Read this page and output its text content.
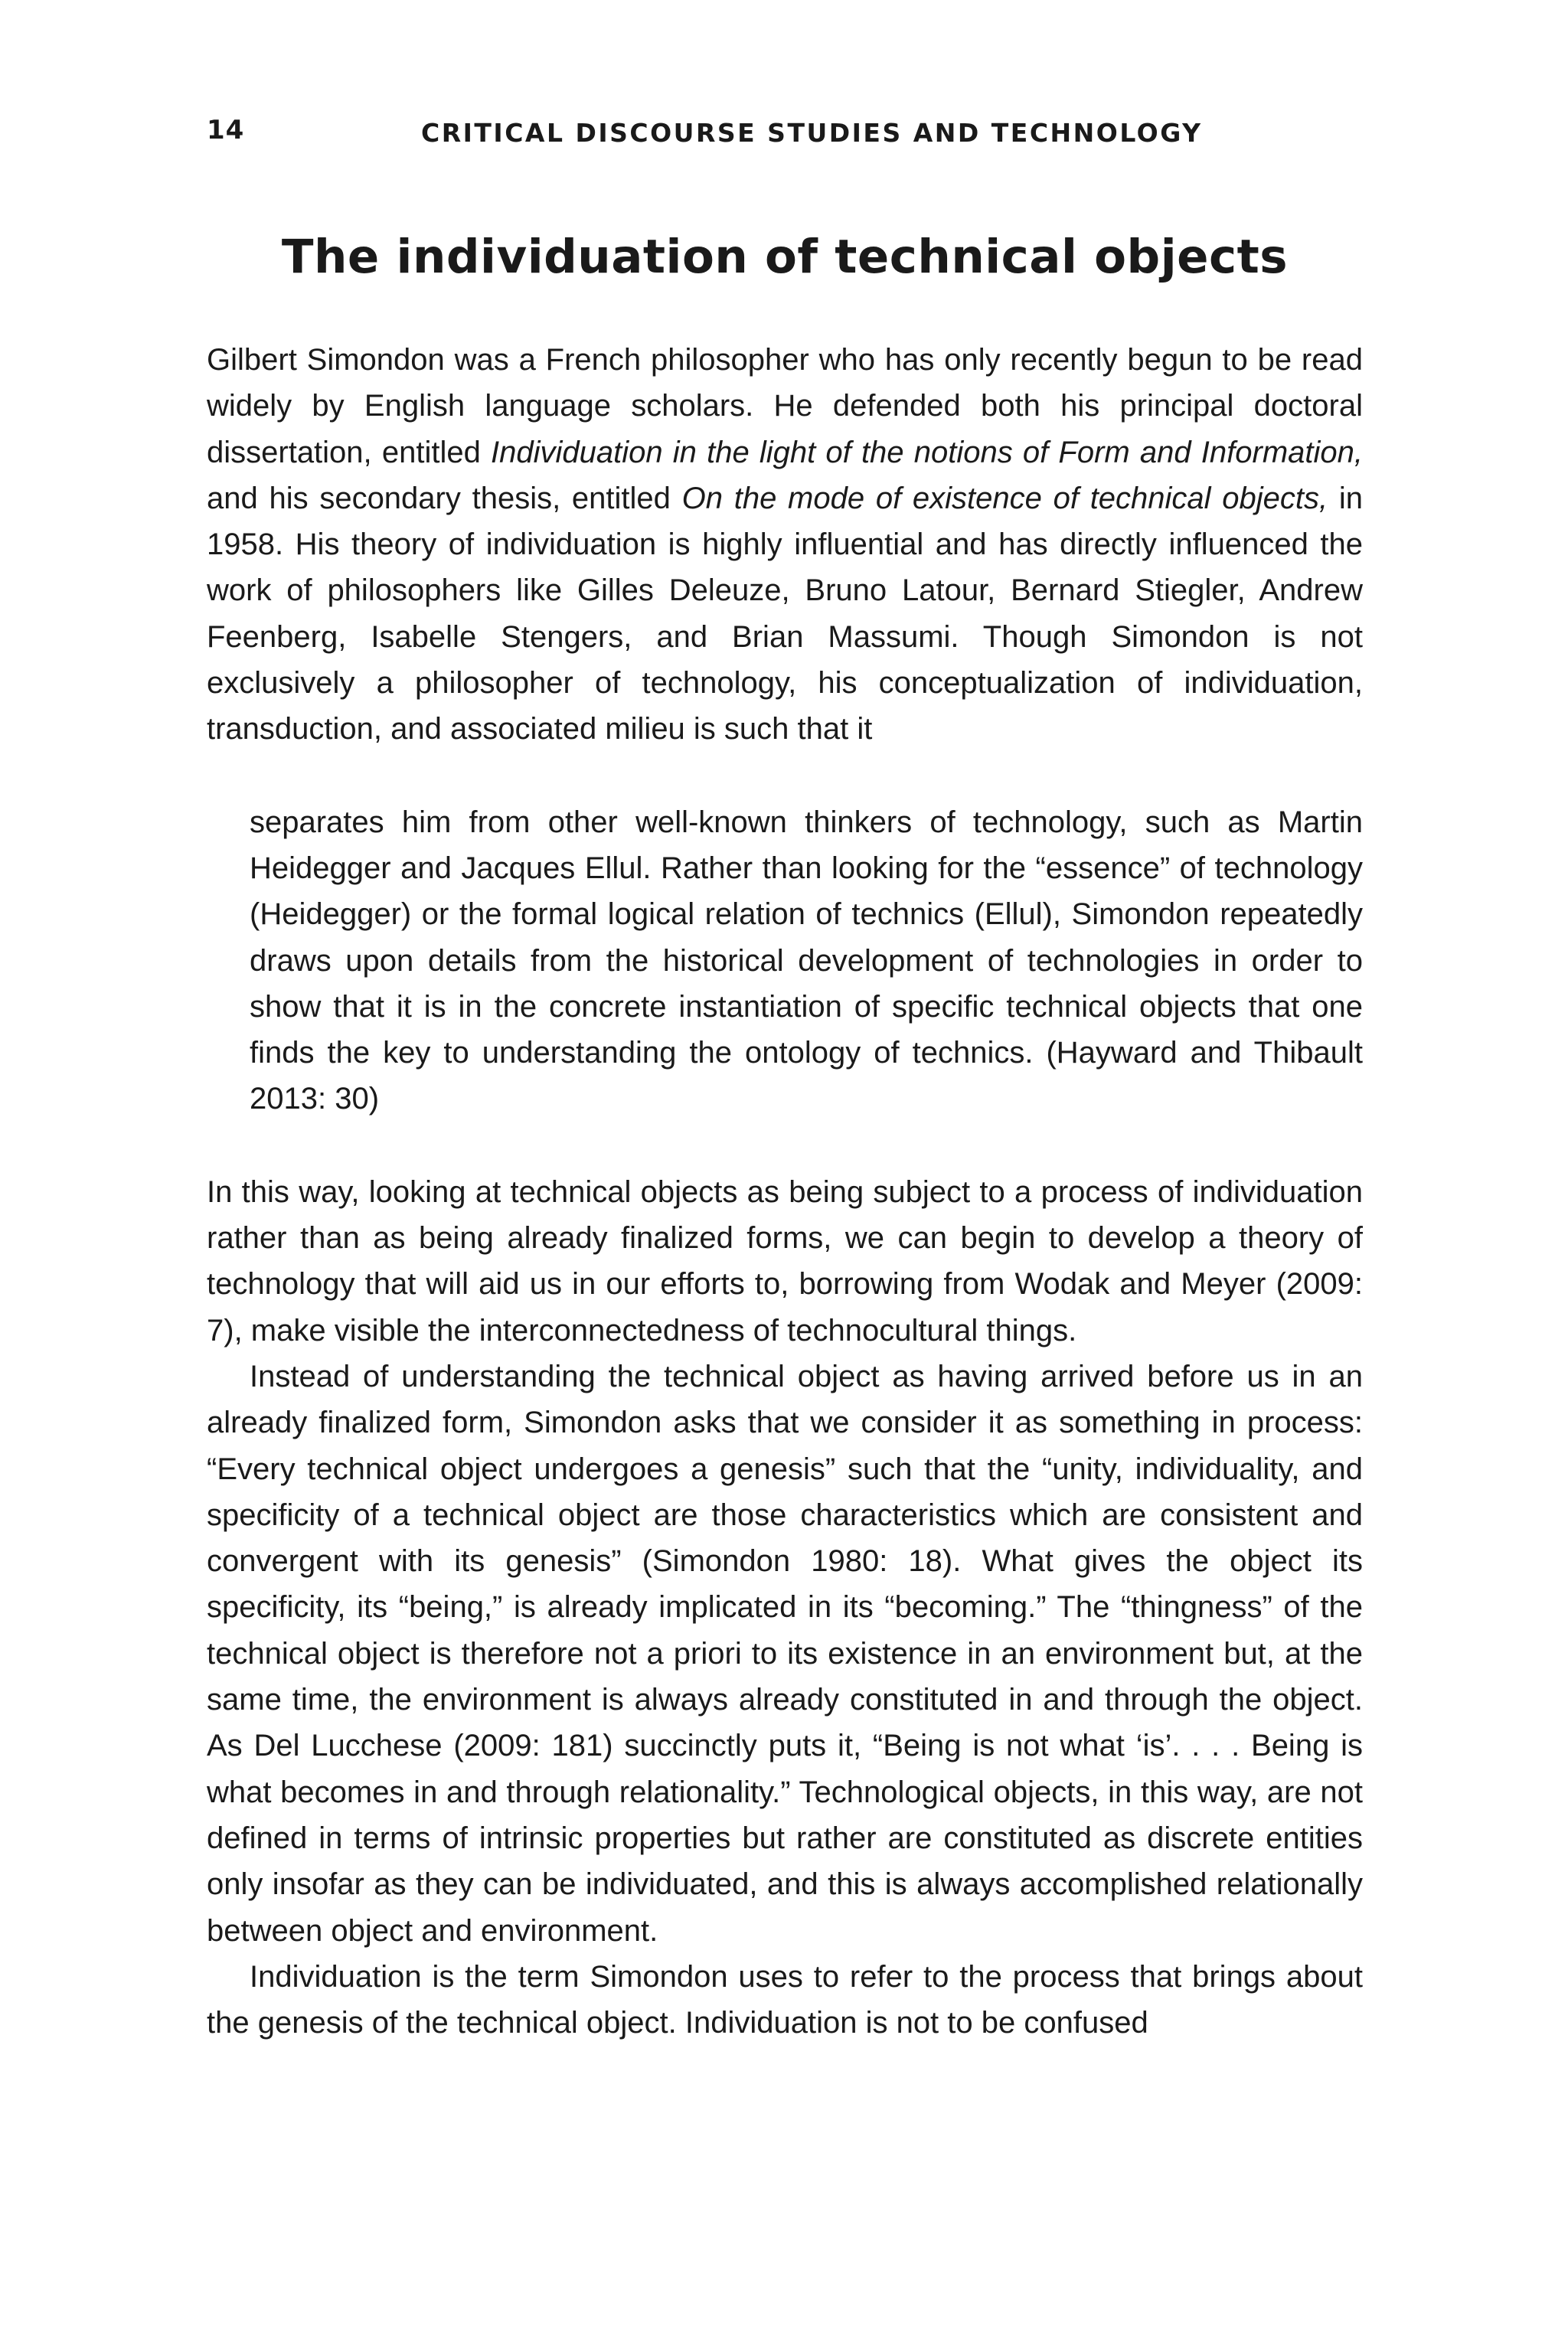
14	CRITICAL DISCOURSE STUDIES AND TECHNOLOGY
The individuation of technical objects

Gilbert Simondon was a French philosopher who has only recently begun to be read widely by English language scholars. He defended both his principal doctoral dissertation, entitled Individuation in the light of the notions of Form and Information, and his secondary thesis, entitled On the mode of existence of technical objects, in 1958. His theory of individuation is highly influential and has directly influenced the work of philosophers like Gilles Deleuze, Bruno Latour, Bernard Stiegler, Andrew Feenberg, Isabelle Stengers, and Brian Massumi. Though Simondon is not exclusively a philosopher of technology, his conceptualization of individuation, transduction, and associated milieu is such that it

separates him from other well-known thinkers of technology, such as Martin Heidegger and Jacques Ellul. Rather than looking for the “essence” of technology (Heidegger) or the formal logical relation of technics (Ellul), Simondon repeatedly draws upon details from the historical development of technologies in order to show that it is in the concrete instantiation of specific technical objects that one finds the key to understanding the ontology of technics. (Hayward and Thibault 2013: 30)

In this way, looking at technical objects as being subject to a process of individuation rather than as being already finalized forms, we can begin to develop a theory of technology that will aid us in our efforts to, borrowing from Wodak and Meyer (2009: 7), make visible the interconnectedness of technocultural things.

Instead of understanding the technical object as having arrived before us in an already finalized form, Simondon asks that we consider it as something in process: “Every technical object undergoes a genesis” such that the “unity, individuality, and specificity of a technical object are those characteristics which are consistent and convergent with its genesis” (Simondon 1980: 18). What gives the object its specificity, its “being,” is already implicated in its “becoming.” The “thingness” of the technical object is therefore not a priori to its existence in an environment but, at the same time, the environment is always already constituted in and through the object. As Del Lucchese (2009: 181) succinctly puts it, “Being is not what ‘is’. . . . Being is what becomes in and through relationality.” Technological objects, in this way, are not defined in terms of intrinsic properties but rather are constituted as discrete entities only insofar as they can be individuated, and this is always accomplished relationally between object and environment.

Individuation is the term Simondon uses to refer to the process that brings about the genesis of the technical object. Individuation is not to be confused
